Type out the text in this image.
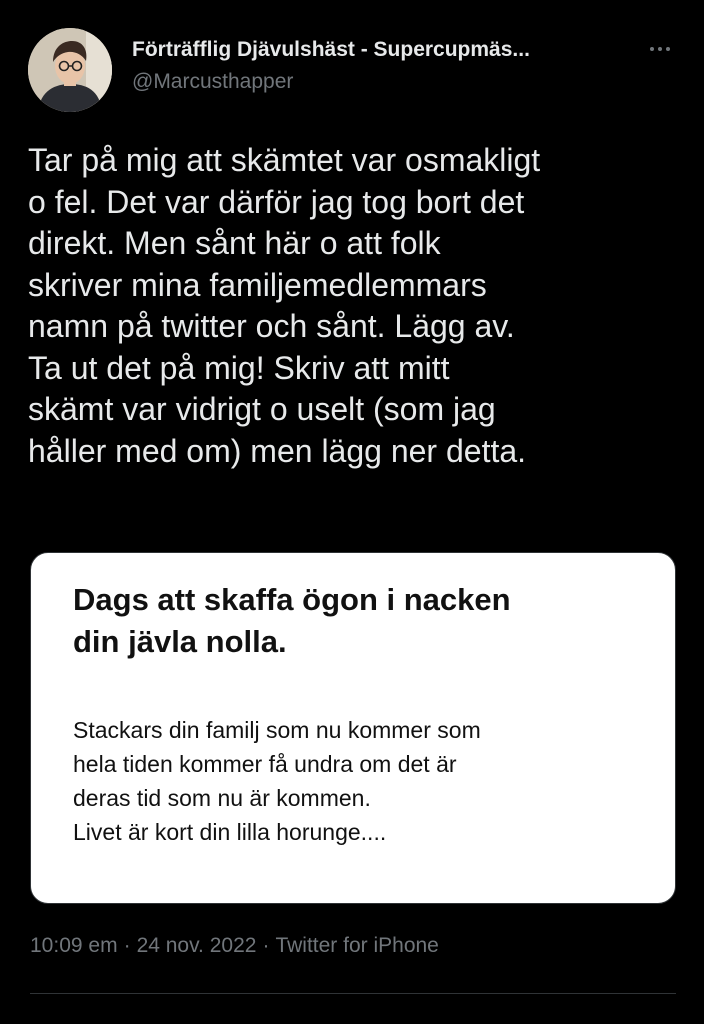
Förträfflig Djävulshäst - Supercupmäs...
@Marcusthapper
Tar på mig att skämtet var osmakligt
o fel. Det var därför jag tog bort det
direkt. Men sånt här o att folk
skriver mina familjemedlemmars
namn på twitter och sånt. Lägg av.
Ta ut det på mig! Skriv att mitt
skämt var vidrigt o uselt (som jag
håller med om) men lägg ner detta.
Dags att skaffa ögon i nacken
din jävla nolla.
Stackars din familj som nu kommer som
hela tiden kommer få undra om det är
deras tid som nu är kommen.
Livet är kort din lilla horunge....
10:09 em · 24 nov. 2022 · Twitter for iPhone
